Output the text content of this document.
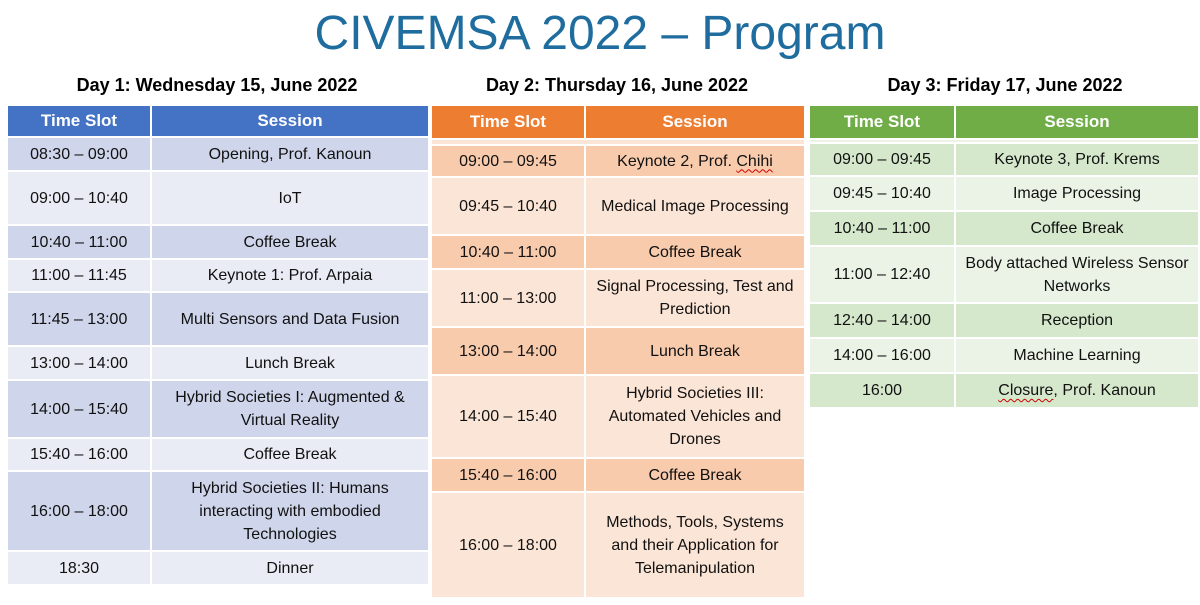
CIVEMSA 2022 – Program
Day 1: Wednesday 15, June 2022
Time Slot	Session
08:30 – 09:00	Opening, Prof. Kanoun
09:00 – 10:40	IoT
10:40 – 11:00	Coffee Break
11:00 – 11:45	Keynote 1: Prof. Arpaia
11:45 – 13:00	Multi Sensors and Data Fusion
13:00 – 14:00	Lunch Break
14:00 – 15:40	Hybrid Societies I: Augmented & Virtual Reality
15:40 – 16:00	Coffee Break
16:00 – 18:00	Hybrid Societies II: Humans interacting with embodied Technologies
18:30	Dinner
Day 2: Thursday 16, June 2022
Time Slot	Session

09:00 – 09:45	Keynote 2, Prof. Chihi
09:45 – 10:40	Medical Image Processing
10:40 – 11:00	Coffee Break
11:00 – 13:00	Signal Processing, Test and Prediction
13:00 – 14:00	Lunch Break
14:00 – 15:40	Hybrid Societies III: Automated Vehicles and Drones
15:40 – 16:00	Coffee Break
16:00 – 18:00	Methods, Tools, Systems and their Application for Telemanipulation
Day 3: Friday 17, June 2022
Time Slot	Session

09:00 – 09:45	Keynote 3, Prof. Krems
09:45 – 10:40	Image Processing
10:40 – 11:00	Coffee Break
11:00 – 12:40	Body attached Wireless Sensor Networks
12:40 – 14:00	Reception
14:00 – 16:00	Machine Learning
16:00	Closure, Prof. Kanoun
